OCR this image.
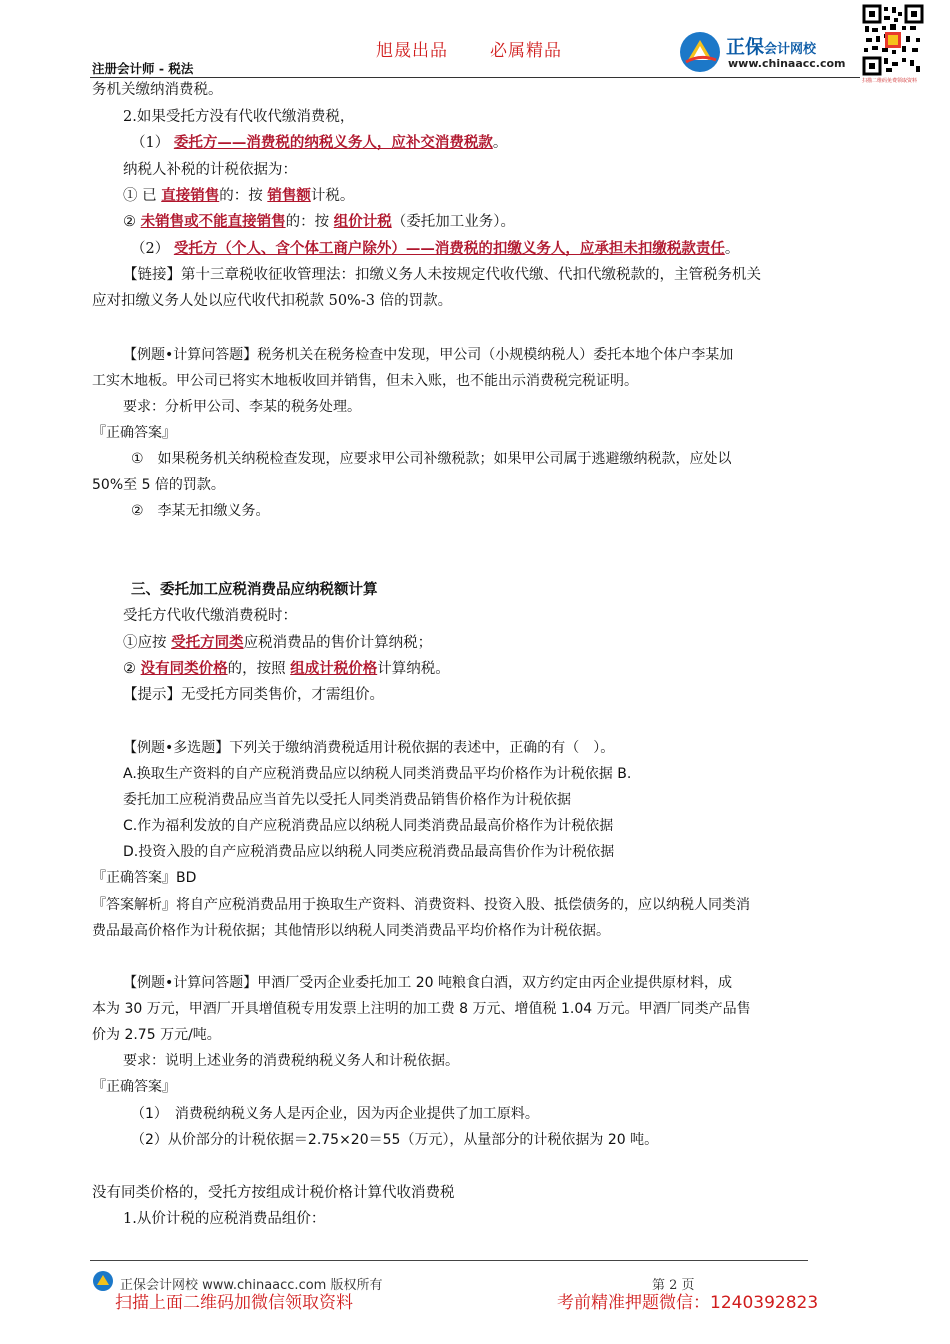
旭晟出品 必属精品
注册会计师 - 税法
正保会计网校
www.chinaacc.com
扫描二维码免费领取资料
务机关缴纳消费税。
2.如果受托方没有代收代缴消费税，
（1） 委托方——消费税的纳税义务人，应补交消费税款。
纳税人补税的计税依据为：
① 已 直接销售的：按 销售额计税。
② 未销售或不能直接销售的：按 组价计税（委托加工业务）。
（2） 受托方（个人、含个体工商户除外）——消费税的扣缴义务人，应承担未扣缴税款责任。
【链接】第十三章税收征收管理法：扣缴义务人未按规定代收代缴、代扣代缴税款的，主管税务机关
应对扣缴义务人处以应代收代扣税款 50%-3 倍的罚款。
【例题•计算问答题】税务机关在税务检查中发现，甲公司（小规模纳税人）委托本地个体户李某加
工实木地板。甲公司已将实木地板收回并销售，但未入账，也不能出示消费税完税证明。
要求：分析甲公司、李某的税务处理。
『正确答案』
①　如果税务机关纳税检查发现，应要求甲公司补缴税款；如果甲公司属于逃避缴纳税款，应处以
50%至 5 倍的罚款。
②　李某无扣缴义务。
三、委托加工应税消费品应纳税额计算
受托方代收代缴消费税时：
①应按 受托方同类应税消费品的售价计算纳税；
② 没有同类价格的，按照 组成计税价格计算纳税。
【提示】无受托方同类售价，才需组价。
【例题•多选题】下列关于缴纳消费税适用计税依据的表述中，正确的有（　）。
A.换取生产资料的自产应税消费品应以纳税人同类消费品平均价格作为计税依据 B.
委托加工应税消费品应当首先以受托人同类消费品销售价格作为计税依据
C.作为福利发放的自产应税消费品应以纳税人同类消费品最高价格作为计税依据
D.投资入股的自产应税消费品应以纳税人同类应税消费品最高售价作为计税依据
『正确答案』BD
『答案解析』将自产应税消费品用于换取生产资料、消费资料、投资入股、抵偿债务的，应以纳税人同类消
费品最高价格作为计税依据；其他情形以纳税人同类消费品平均价格作为计税依据。
【例题•计算问答题】甲酒厂受丙企业委托加工 20 吨粮食白酒，双方约定由丙企业提供原材料，成
本为 30 万元，甲酒厂开具增值税专用发票上注明的加工费 8 万元、增值税 1.04 万元。甲酒厂同类产品售
价为 2.75 万元/吨。
要求：说明上述业务的消费税纳税义务人和计税依据。
『正确答案』
（1）　消费税纳税义务人是丙企业，因为丙企业提供了加工原料。
（2）从价部分的计税依据＝2.75×20＝55（万元），从量部分的计税依据为 20 吨。
没有同类价格的，受托方按组成计税价格计算代收消费税
1.从价计税的应税消费品组价：
正保会计网校 www.chinaacc.com 版权所有	第 2 页
扫描上面二维码加微信领取资料	考前精准押题微信：1240392823
